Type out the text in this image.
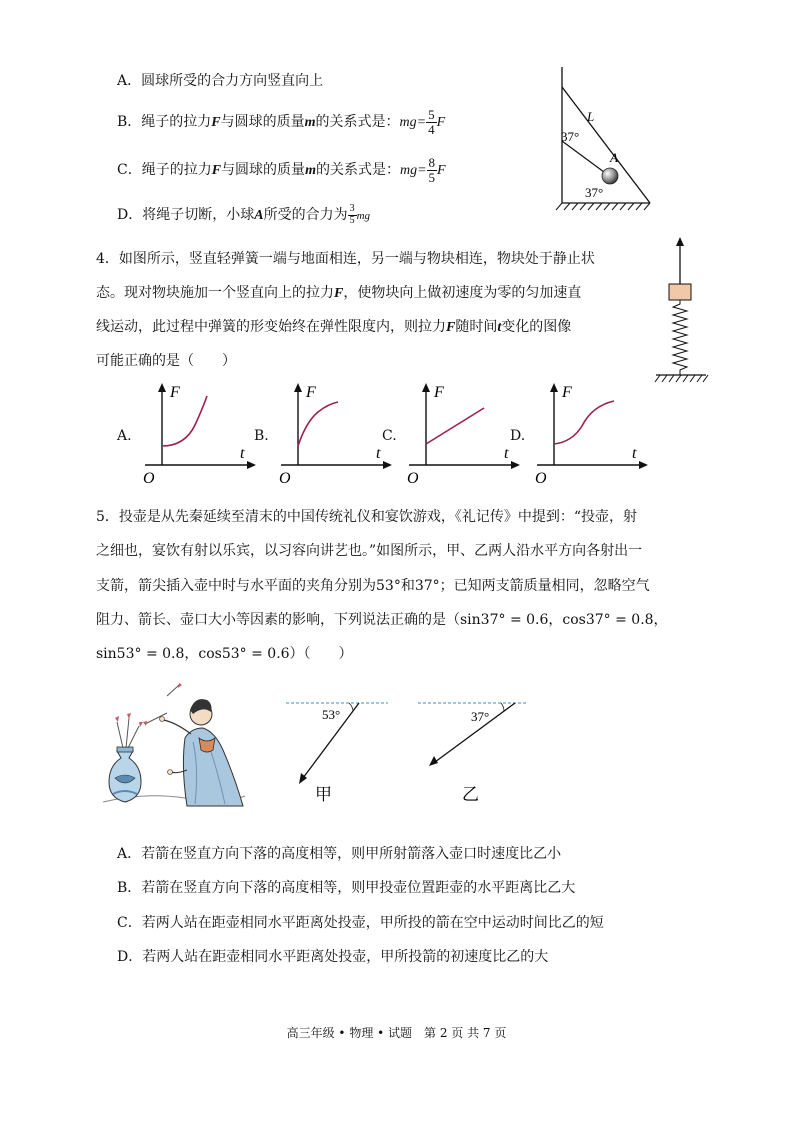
A．圆球所受的合力方向竖直向上
B．绳子的拉力F与圆球的质量m的关系式是：$mg= \frac{5}{4}$ F
C．绳子的拉力F与圆球的质量m的关系式是：$mg= \frac{8}{5}$ F
D．将绳子切断，小球A所受的合力为 $\frac{3}{5}$ mg
L
A
37°
37°
4．如图所示，竖直轻弹簧一端与地面相连，另一端与物块相连，物块处于静止状
态。现对物块施加一个竖直向上的拉力F，使物块向上做初速度为零的匀加速直
线运动，此过程中弹簧的形变始终在弹性限度内，则拉力F随时间t变化的图像
可能正确的是（　　）
A.
F
O
t
B.
F
O
t
C.
F
O
t
D.
F
O
t
5．投壶是从先秦延续至清末的中国传统礼仪和宴饮游戏，《礼记传》中提到：“投壶，射
之细也，宴饮有射以乐宾，以习容向讲艺也。”如图所示，甲、乙两人沿水平方向各射出一
支箭，箭尖插入壶中时与水平面的夹角分别为53°和37°；已知两支箭质量相同，忽略空气
阻力、箭长、壶口大小等因素的影响，下列说法正确的是（sin37° = 0.6，cos37° = 0.8，
sin53° = 0.8，cos53° = 0.6）（　　）
53°
甲
37°
乙
A．若箭在竖直方向下落的高度相等，则甲所射箭落入壶口时速度比乙小
B．若箭在竖直方向下落的高度相等，则甲投壶位置距壶的水平距离比乙大
C．若两人站在距壶相同水平距离处投壶，甲所投的箭在空中运动时间比乙的短
D．若两人站在距壶相同水平距离处投壶，甲所投箭的初速度比乙的大
高三年级 • 物理 • 试题　第 2 页 共 7 页
